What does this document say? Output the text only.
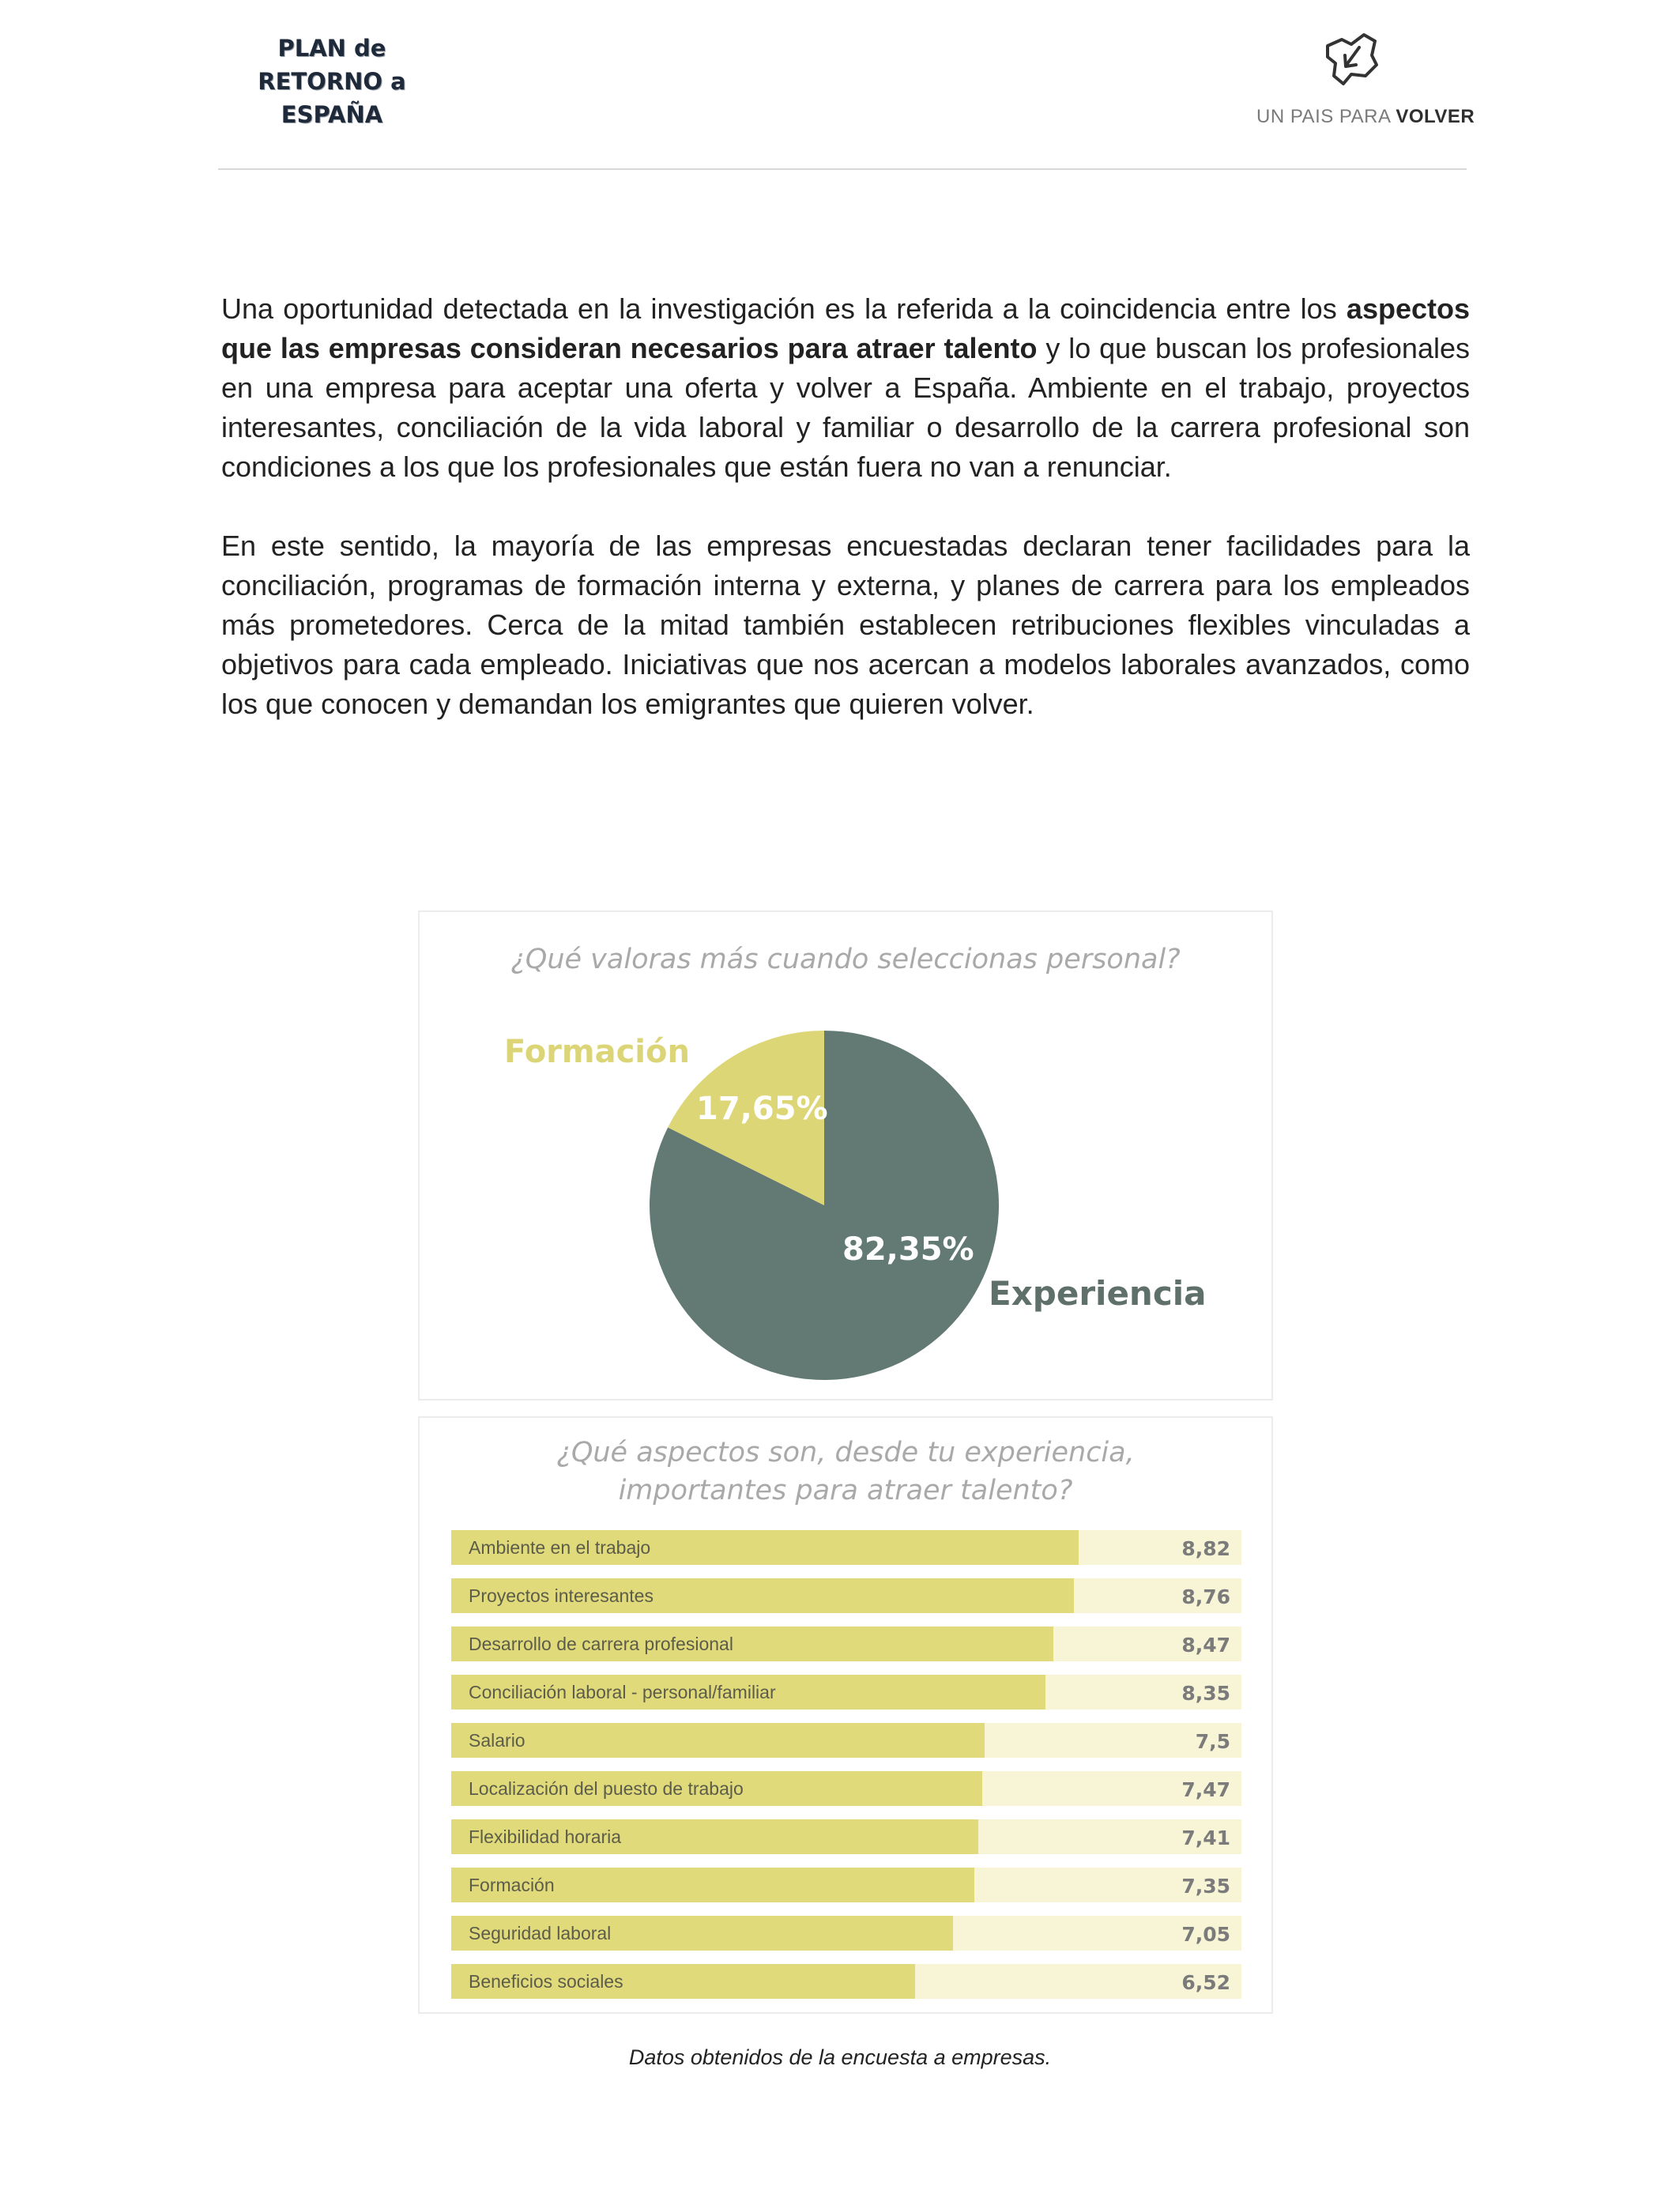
PLAN de
RETORNO a
ESPAÑA	UN PAIS PARA VOLVER
Una oportunidad detectada en la investigación es la referida a la coincidencia entre los aspectos que las empresas consideran necesarios para atraer talento y lo que buscan los profesionales en una empresa para aceptar una oferta y volver a España. Ambiente en el trabajo, proyectos interesantes, conciliación de la vida laboral y familiar o desarrollo de la carrera profesional son condiciones a los que los profesionales que están fuera no van a renunciar.
En este sentido, la mayoría de las empresas encuestadas declaran tener facilidades para la conciliación, programas de formación interna y externa, y planes de carrera para los empleados más prometedores. Cerca de la mitad también establecen retribuciones flexibles vinculadas a objetivos para cada empleado. Iniciativas que nos acercan a modelos laborales avanzados, como los que conocen y demandan los emigrantes que quieren volver.
¿Qué valoras más cuando seleccionas personal?
Formación
Experiencia
17,65%
82,35%
¿Qué aspectos son, desde tu experiencia,
importantes para atraer talento?
Ambiente en el trabajo	8,82
Proyectos interesantes	8,76
Desarrollo de carrera profesional	8,47
Conciliación laboral - personal/familiar	8,35
Salario	7,5
Localización del puesto de trabajo	7,47
Flexibilidad horaria	7,41
Formación	7,35
Seguridad laboral	7,05
Beneficios sociales	6,52
Datos obtenidos de la encuesta a empresas.
